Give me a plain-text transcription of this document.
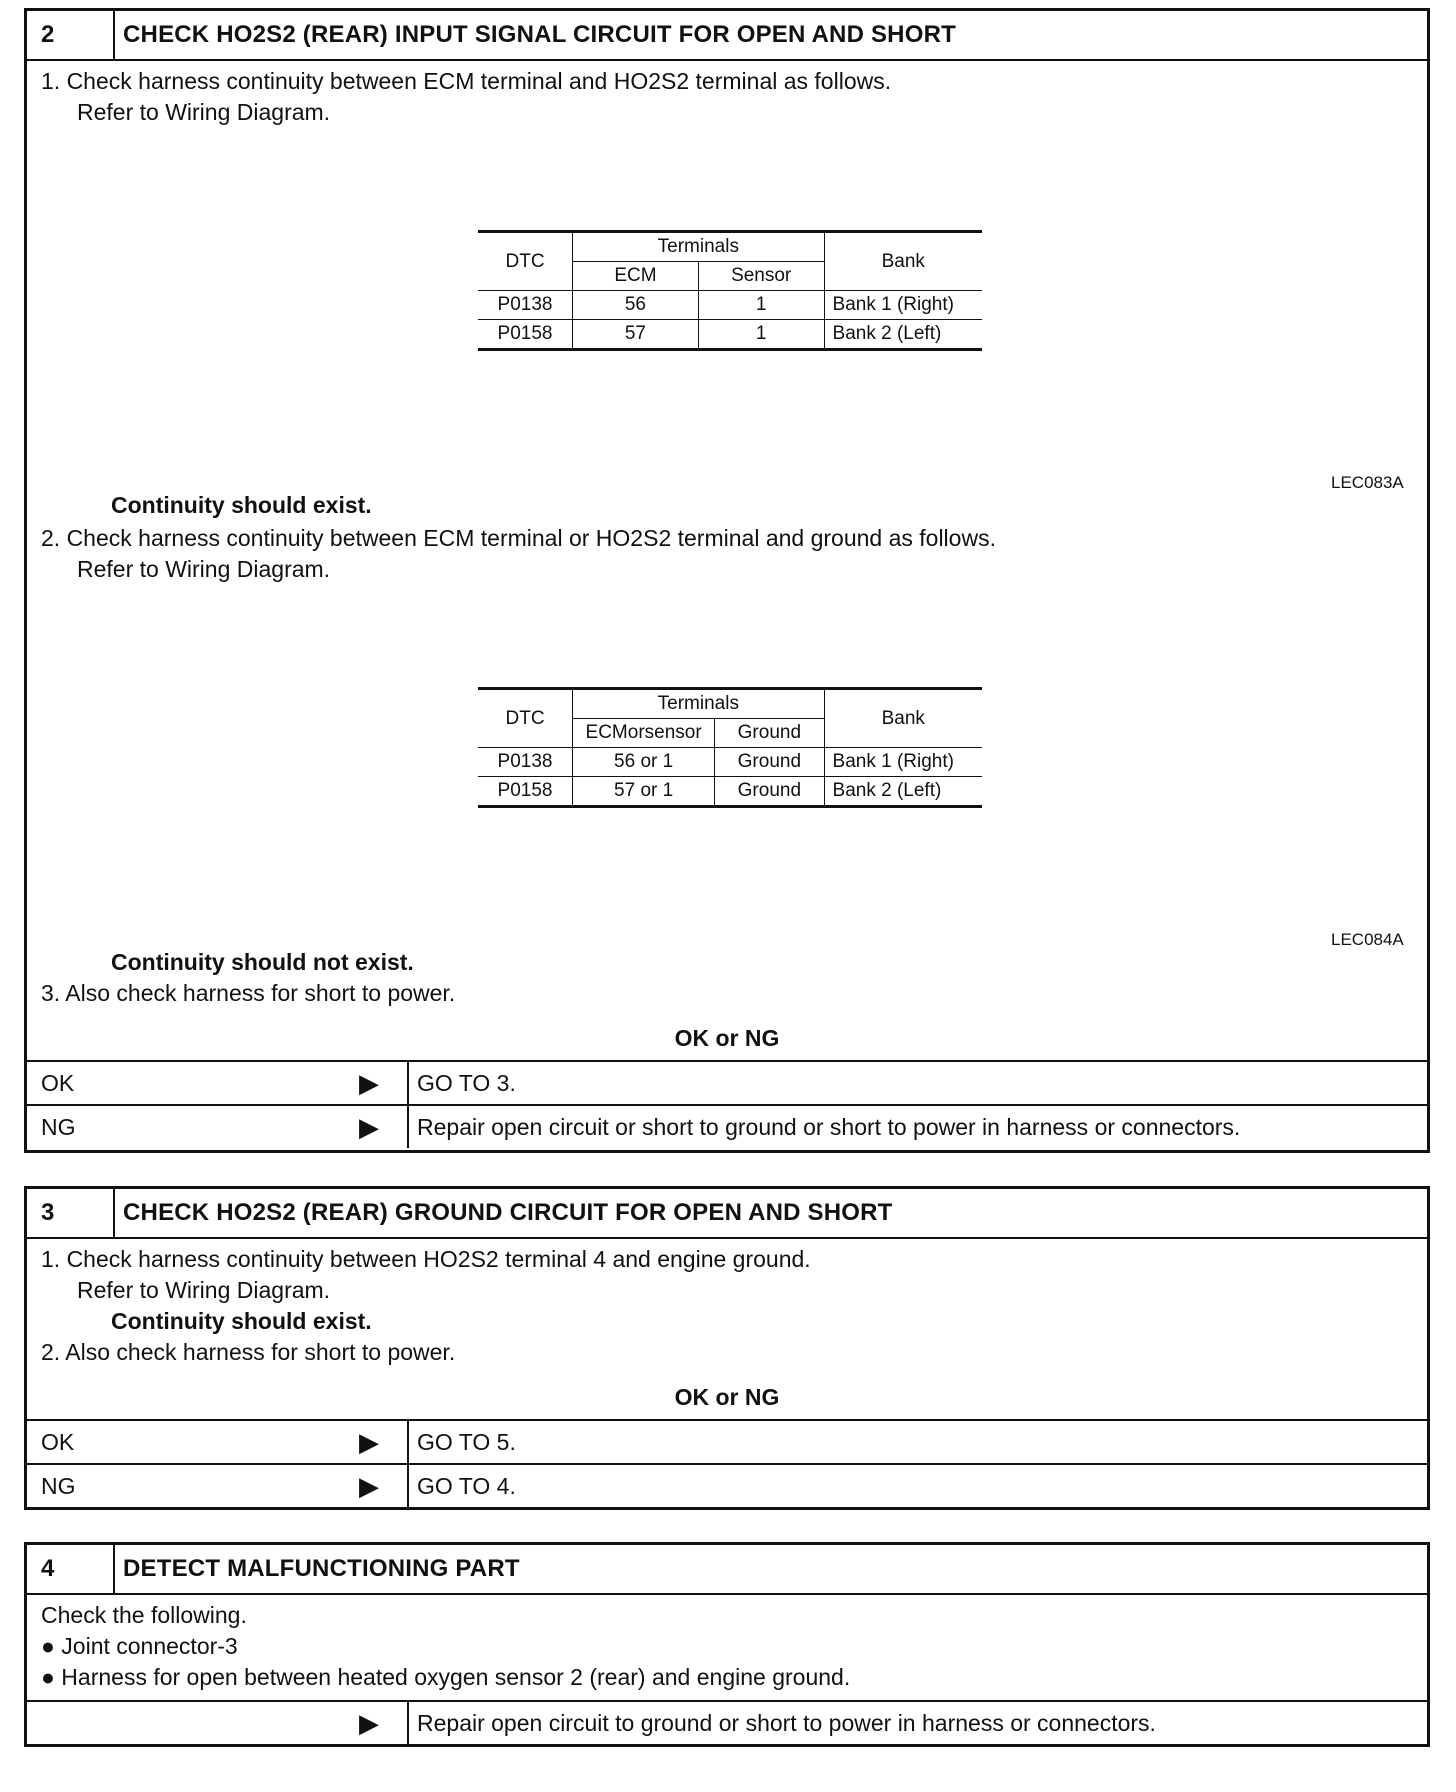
2	CHECK HO2S2 (REAR) INPUT SIGNAL CIRCUIT FOR OPEN AND SHORT
1. Check harness continuity between ECM terminal and HO2S2 terminal as follows.
Refer to Wiring Diagram.
DTC	Terminals		Bank
	ECM	Sensor	
P0138	56	1	Bank 1 (Right)
P0158	57	1	Bank 2 (Left)
LEC083A
Continuity should exist.
2. Check harness continuity between ECM terminal or HO2S2 terminal and ground as follows.
Refer to Wiring Diagram.
DTC	Terminals		Bank
	ECMorsensor	Ground	
P0138	56 or 1	Ground	Bank 1 (Right)
P0158	57 or 1	Ground	Bank 2 (Left)
LEC084A
Continuity should not exist.
3. Also check harness for short to power.
OK or NG
OK	▶	GO TO 3.
NG	▶	Repair open circuit or short to ground or short to power in harness or connectors.
3	CHECK HO2S2 (REAR) GROUND CIRCUIT FOR OPEN AND SHORT
1. Check harness continuity between HO2S2 terminal 4 and engine ground.
Refer to Wiring Diagram.
Continuity should exist.
2. Also check harness for short to power.
OK or NG
OK	▶	GO TO 5.
NG	▶	GO TO 4.
4	DETECT MALFUNCTIONING PART
Check the following.
● Joint connector-3
● Harness for open between heated oxygen sensor 2 (rear) and engine ground.
▶	Repair open circuit to ground or short to power in harness or connectors.
